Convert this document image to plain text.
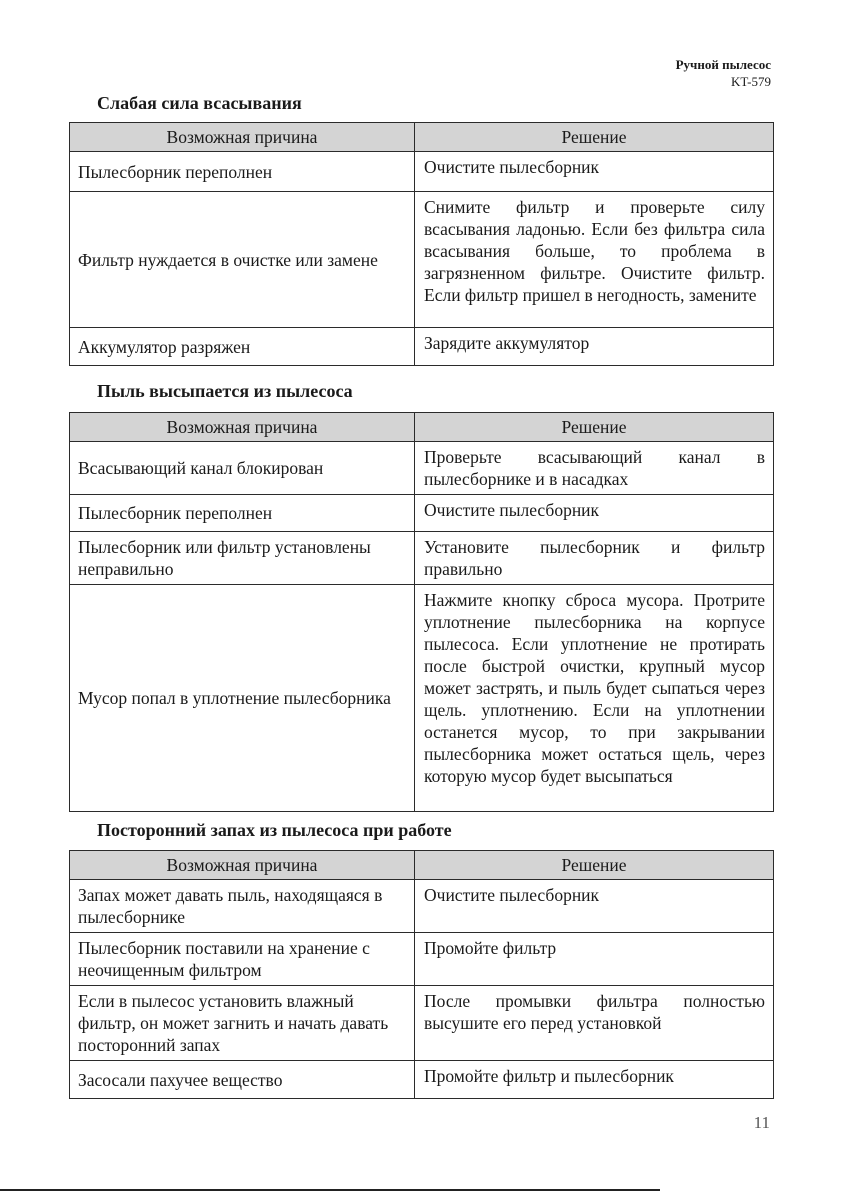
Ручной пылесос
KT-579
Слабая сила всасывания
Возможная причина	Решение
Пылесборник переполнен	Очистите пылесборник
Фильтр нуждается в очистке или замене	Снимите фильтр и проверьте силу всасывания ладонью. Если без фильтра сила всасывания больше, то проблема в загрязненном фильтре. Очистите фильтр. Если фильтр пришел в негодность, замените
Аккумулятор разряжен	Зарядите аккумулятор
Пыль высыпается из пылесоса
Возможная причина	Решение
Всасывающий канал блокирован	Проверьте всасывающий канал в пылесборнике и в насадках
Пылесборник переполнен	Очистите пылесборник
Пылесборник или фильтр установлены неправильно	Установите пылесборник и фильтр правильно
Мусор попал в уплотнение пылесборника	Нажмите кнопку сброса мусора. Протрите уплотнение пылесборника на корпусе пылесоса. Если уплотнение не протирать после быстрой очистки, крупный мусор может застрять, и пыль будет сыпаться через щель. уплотнению. Если на уплотнении останется мусор, то при закрывании пылесборника может остаться щель, через которую мусор будет высыпаться
Посторонний запах из пылесоса при работе
Возможная причина	Решение
Запах может давать пыль, находящаяся в пылесборнике	Очистите пылесборник
Пылесборник поставили на хранение с неочищенным фильтром	Промойте фильтр
Если в пылесос установить влажный фильтр, он может загнить и начать давать посторонний запах	После промывки фильтра полностью высушите его перед установкой
Засосали пахучее вещество	Промойте фильтр и пылесборник
11
